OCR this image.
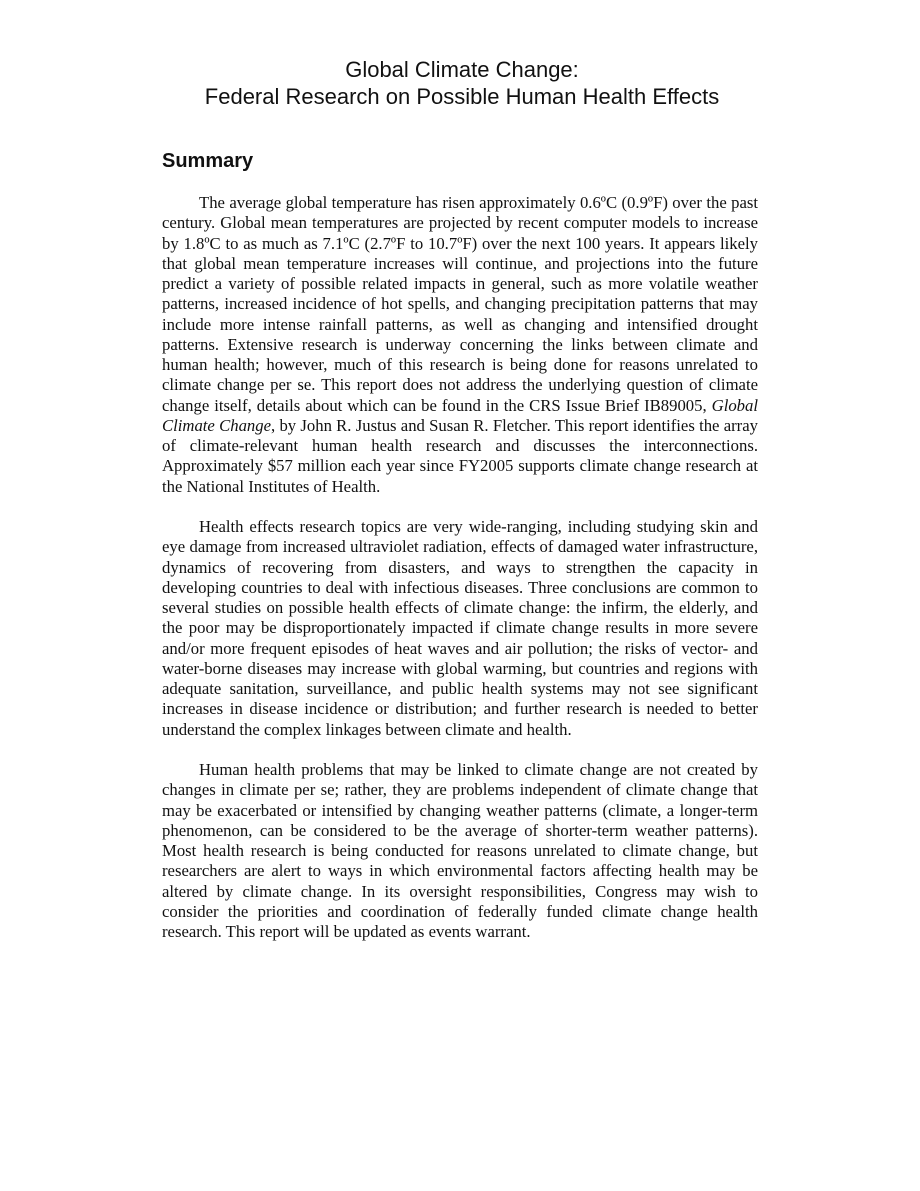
Global Climate Change:
Federal Research on Possible Human Health Effects
Summary

The average global temperature has risen approximately 0.6ºC (0.9ºF) over the past century. Global mean temperatures are projected by recent computer models to increase by 1.8ºC to as much as 7.1ºC (2.7ºF to 10.7ºF) over the next 100 years. It appears likely that global mean temperature increases will continue, and projections into the future predict a variety of possible related impacts in general, such as more volatile weather patterns, increased incidence of hot spells, and changing precipitation patterns that may include more intense rainfall patterns, as well as changing and intensified drought patterns. Extensive research is underway concerning the links between climate and human health; however, much of this research is being done for reasons unrelated to climate change per se. This report does not address the underlying question of climate change itself, details about which can be found in the CRS Issue Brief IB89005, Global Climate Change, by John R. Justus and Susan R. Fletcher. This report identifies the array of climate-relevant human health research and discusses the interconnections. Approximately $57 million each year since FY2005 supports climate change research at the National Institutes of Health.

Health effects research topics are very wide-ranging, including studying skin and eye damage from increased ultraviolet radiation, effects of damaged water infrastructure, dynamics of recovering from disasters, and ways to strengthen the capacity in developing countries to deal with infectious diseases. Three conclusions are common to several studies on possible health effects of climate change: the infirm, the elderly, and the poor may be disproportionately impacted if climate change results in more severe and/or more frequent episodes of heat waves and air pollution; the risks of vector- and water-borne diseases may increase with global warming, but countries and regions with adequate sanitation, surveillance, and public health systems may not see significant increases in disease incidence or distribution; and further research is needed to better understand the complex linkages between climate and health.

Human health problems that may be linked to climate change are not created by changes in climate per se; rather, they are problems independent of climate change that may be exacerbated or intensified by changing weather patterns (climate, a longer-term phenomenon, can be considered to be the average of shorter-term weather patterns). Most health research is being conducted for reasons unrelated to climate change, but researchers are alert to ways in which environmental factors affecting health may be altered by climate change. In its oversight responsibilities, Congress may wish to consider the priorities and coordination of federally funded climate change health research. This report will be updated as events warrant.
